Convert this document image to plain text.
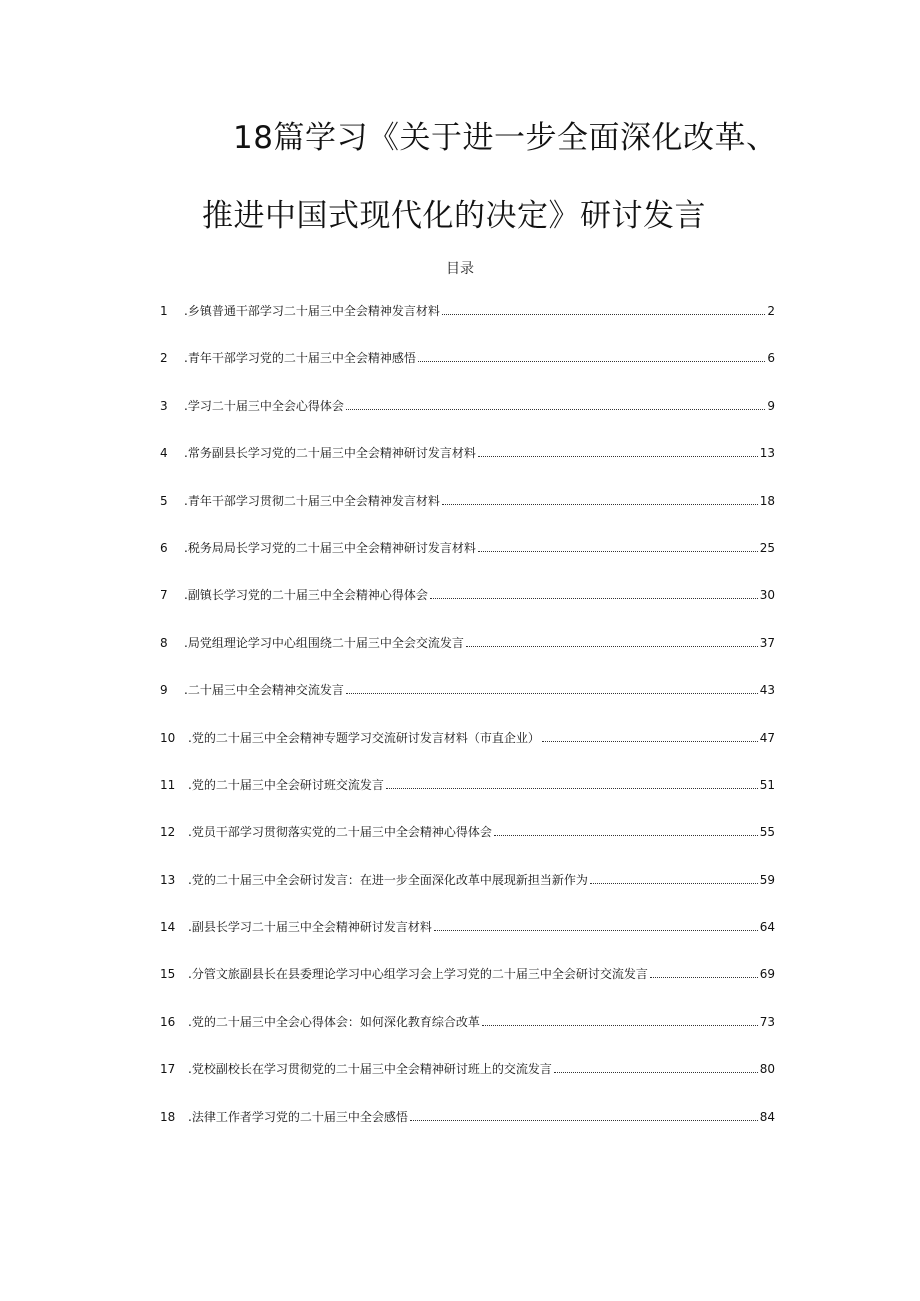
18篇学习《关于进一步全面深化改革、
推进中国式现代化的决定》研讨发言
目录
1	.乡镇普通干部学习二十届三中全会精神发言材料	2
2	.青年干部学习党的二十届三中全会精神感悟	6
3	.学习二十届三中全会心得体会	9
4	.常务副县长学习党的二十届三中全会精神研讨发言材料	13
5	.青年干部学习贯彻二十届三中全会精神发言材料	18
6	.税务局局长学习党的二十届三中全会精神研讨发言材料	25
7	.副镇长学习党的二十届三中全会精神心得体会	30
8	.局党组理论学习中心组围绕二十届三中全会交流发言	37
9	.二十届三中全会精神交流发言	43
10	.党的二十届三中全会精神专题学习交流研讨发言材料（市直企业）	47
11	.党的二十届三中全会研讨班交流发言	51
12	.党员干部学习贯彻落实党的二十届三中全会精神心得体会	55
13	.党的二十届三中全会研讨发言：在进一步全面深化改革中展现新担当新作为	59
14	.副县长学习二十届三中全会精神研讨发言材料	64
15	.分管文旅副县长在县委理论学习中心组学习会上学习党的二十届三中全会研讨交流发言	69
16	.党的二十届三中全会心得体会：如何深化教育综合改革	73
17	.党校副校长在学习贯彻党的二十届三中全会精神研讨班上的交流发言	80
18	.法律工作者学习党的二十届三中全会感悟	84
